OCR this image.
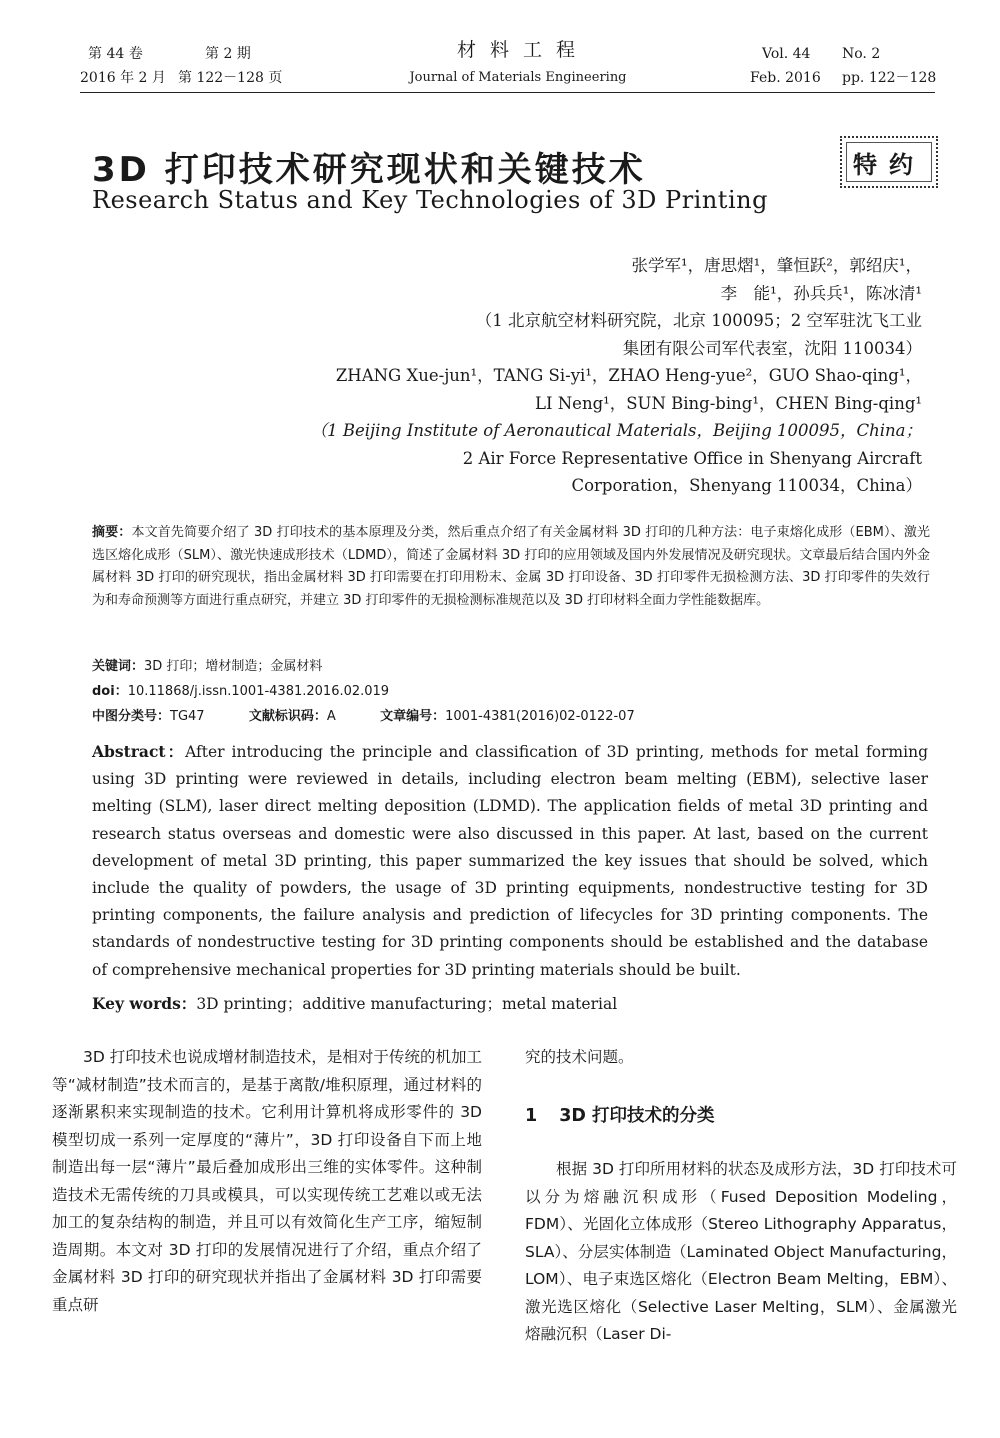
第 44 卷	第 2 期
2016 年 2 月 第 122－128 页
材 料 工 程
Journal of Materials Engineering
Vol. 44 No. 2
Feb. 2016 pp. 122－128
3D 打印技术研究现状和关键技术
Research Status and Key Technologies of 3D Printing
特约
张学军¹，唐思熠¹，肇恒跃²，郭绍庆¹，
李　能¹，孙兵兵¹，陈冰清¹
（1 北京航空材料研究院，北京 100095；2 空军驻沈飞工业
集团有限公司军代表室，沈阳 110034）
ZHANG Xue-jun¹，TANG Si-yi¹，ZHAO Heng-yue²，GUO Shao-qing¹，
LI Neng¹，SUN Bing-bing¹，CHEN Bing-qing¹
（1 Beijing Institute of Aeronautical Materials，Beijing 100095，China；
2 Air Force Representative Office in Shenyang Aircraft
Corporation，Shenyang 110034，China）
摘要：本文首先简要介绍了 3D 打印技术的基本原理及分类，然后重点介绍了有关金属材料 3D 打印的几种方法：电子束熔化成形（EBM）、激光选区熔化成形（SLM）、激光快速成形技术（LDMD），简述了金属材料 3D 打印的应用领域及国内外发展情况及研究现状。文章最后结合国内外金属材料 3D 打印的研究现状，指出金属材料 3D 打印需要在打印用粉末、金属 3D 打印设备、3D 打印零件无损检测方法、3D 打印零件的失效行为和寿命预测等方面进行重点研究，并建立 3D 打印零件的无损检测标准规范以及 3D 打印材料全面力学性能数据库。
关键词：3D 打印；增材制造；金属材料
doi：10.11868/j.issn.1001-4381.2016.02.019
中图分类号：TG47	文献标识码：A	文章编号：1001-4381(2016)02-0122-07
Abstract：After introducing the principle and classification of 3D printing, methods for metal forming using 3D printing were reviewed in details, including electron beam melting (EBM), selective laser melting (SLM), laser direct melting deposition (LDMD). The application fields of metal 3D printing and research status overseas and domestic were also discussed in this paper. At last, based on the current development of metal 3D printing, this paper summarized the key issues that should be solved, which include the quality of powders, the usage of 3D printing equipments, nondestructive testing for 3D printing components, the failure analysis and prediction of lifecycles for 3D printing components. The standards of nondestructive testing for 3D printing components should be established and the database of comprehensive mechanical properties for 3D printing materials should be built.
Key words：3D printing；additive manufacturing；metal material
3D 打印技术也说成增材制造技术，是相对于传统的机加工等“减材制造”技术而言的，是基于离散/堆积原理，通过材料的逐渐累积来实现制造的技术。它利用计算机将成形零件的 3D 模型切成一系列一定厚度的“薄片”，3D 打印设备自下而上地制造出每一层“薄片”最后叠加成形出三维的实体零件。这种制造技术无需传统的刀具或模具，可以实现传统工艺难以或无法加工的复杂结构的制造，并且可以有效简化生产工序，缩短制造周期。本文对 3D 打印的发展情况进行了介绍，重点介绍了金属材料 3D 打印的研究现状并指出了金属材料 3D 打印需要重点研
究的技术问题。
1 3D 打印技术的分类
根据 3D 打印所用材料的状态及成形方法，3D 打印技术可以分为熔融沉积成形（Fused Deposition Modeling，FDM）、光固化立体成形（Stereo Lithography Apparatus，SLA）、分层实体制造（Laminated Object Manufacturing，LOM）、电子束选区熔化（Electron Beam Melting，EBM）、激光选区熔化（Selective Laser Melting，SLM）、金属激光熔融沉积（Laser Di-
